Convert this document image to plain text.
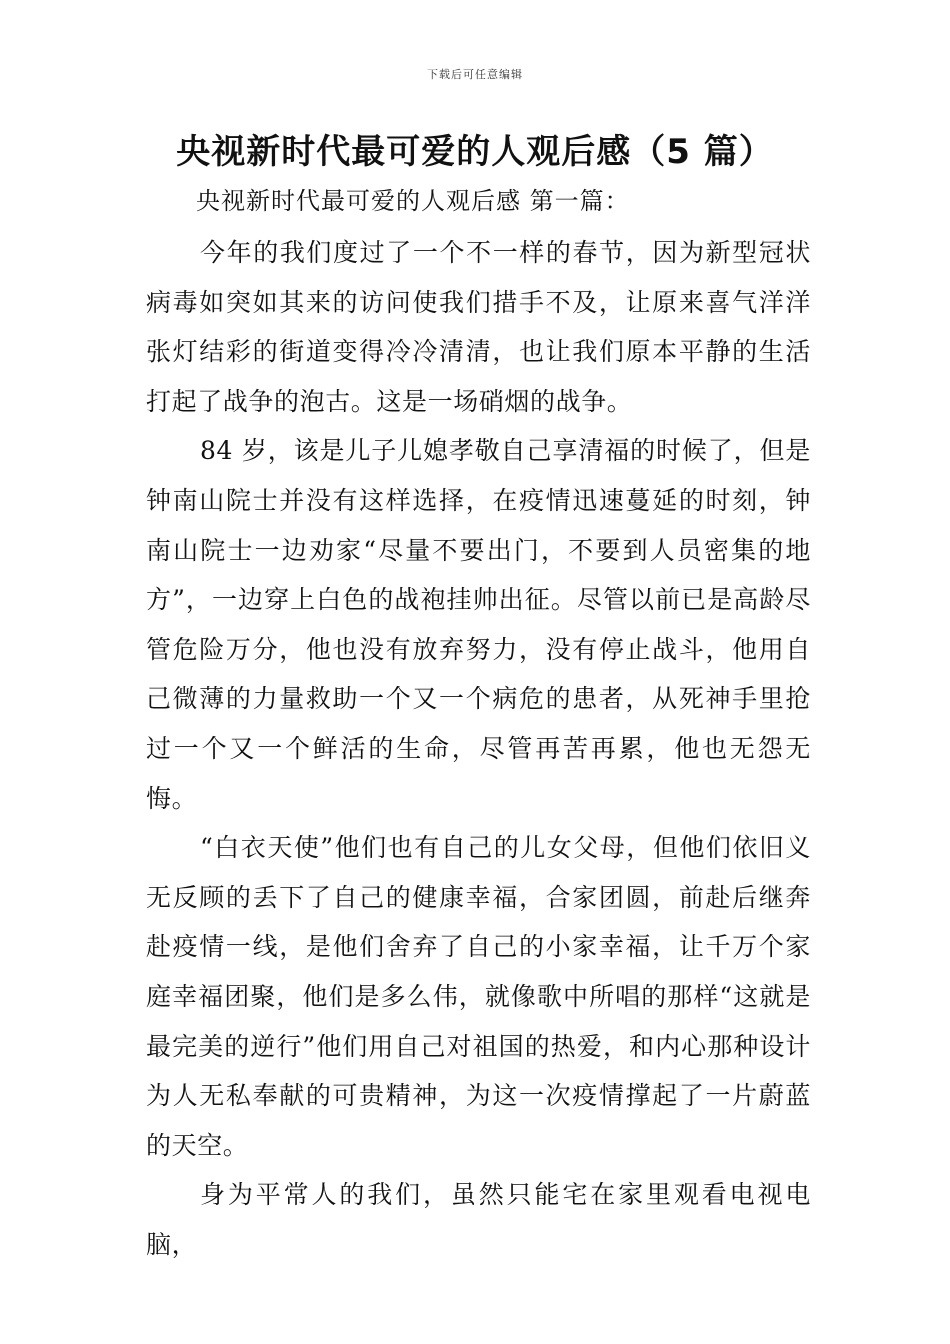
下载后可任意编辑
央视新时代最可爱的人观后感（5 篇）
央视新时代最可爱的人观后感 第一篇：

今年的我们度过了一个不一样的春节，因为新型冠状病毒如突如其来的访问使我们措手不及，让原来喜气洋洋张灯结彩的街道变得冷冷清清，也让我们原本平静的生活打起了战争的泡古。这是一场硝烟的战争。

84 岁，该是儿子儿媳孝敬自己享清福的时候了，但是钟南山院士并没有这样选择，在疫情迅速蔓延的时刻，钟南山院士一边劝家“尽量不要出门，不要到人员密集的地方”，一边穿上白色的战袍挂帅出征。尽管以前已是高龄尽管危险万分，他也没有放弃努力，没有停止战斗，他用自己微薄的力量救助一个又一个病危的患者，从死神手里抢过一个又一个鲜活的生命，尽管再苦再累，他也无怨无悔。

“白衣天使”他们也有自己的儿女父母，但他们依旧义无反顾的丢下了自己的健康幸福，合家团圆，前赴后继奔赴疫情一线，是他们舍弃了自己的小家幸福，让千万个家庭幸福团聚，他们是多么伟，就像歌中所唱的那样“这就是最完美的逆行”他们用自己对祖国的热爱，和内心那种设计为人无私奉献的可贵精神，为这一次疫情撑起了一片蔚蓝的天空。

身为平常人的我们，虽然只能宅在家里观看电视电脑，
